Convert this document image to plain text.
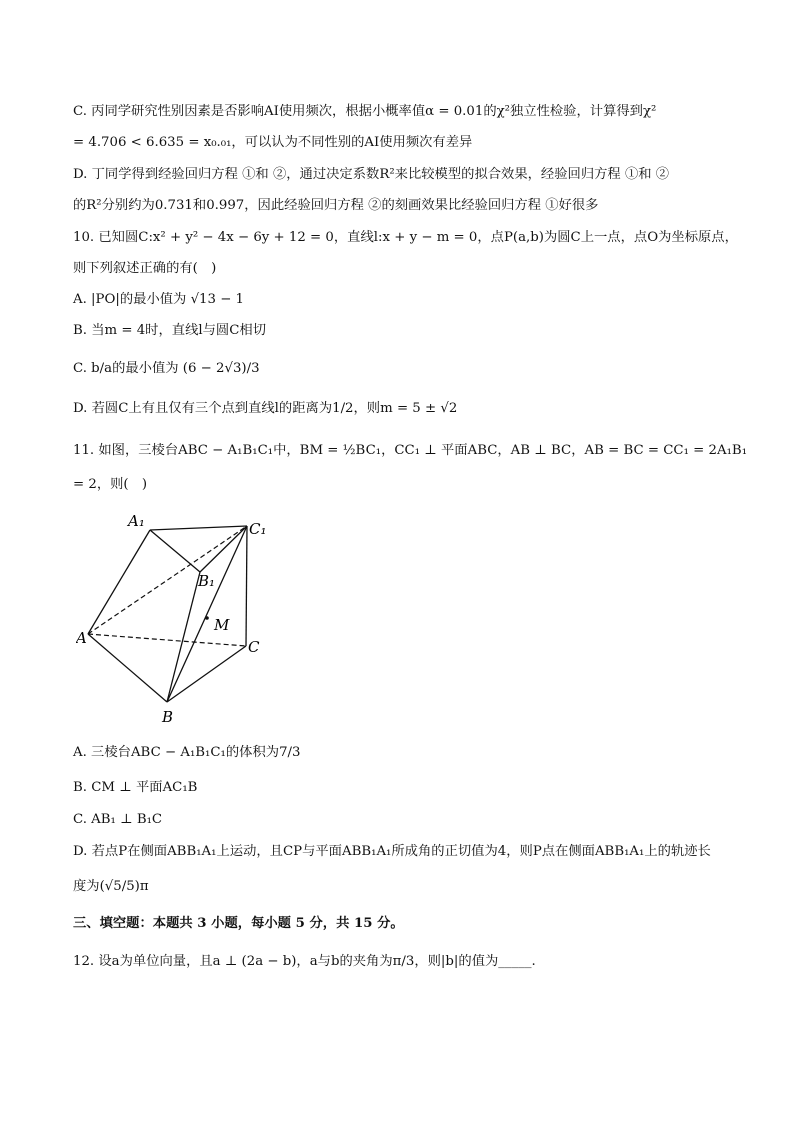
C. 丙同学研究性别因素是否影响AI使用频次，根据小概率值α = 0.01的χ²独立性检验，计算得到χ²
= 4.706 < 6.635 = x₀.₀₁，可以认为不同性别的AI使用频次有差异
D. 丁同学得到经验回归方程 ①和 ②，通过决定系数R²来比较模型的拟合效果，经验回归方程 ①和 ②
的R²分别约为0.731和0.997，因此经验回归方程 ②的刻画效果比经验回归方程 ①好很多
10. 已知圆C:x² + y² − 4x − 6y + 12 = 0，直线l:x + y − m = 0，点P(a,b)为圆C上一点，点O为坐标原点，
则下列叙述正确的有(　)
A. |PO|的最小值为 √13 − 1
B. 当m = 4时，直线l与圆C相切
C. b/a的最小值为 (6 − 2√3)/3
D. 若圆C上有且仅有三个点到直线l的距离为1/2，则m = 5 ± √2
11. 如图，三棱台ABC − A₁B₁C₁中，BM = ½BC₁，CC₁ ⊥ 平面ABC，AB ⊥ BC，AB = BC = CC₁ = 2A₁B₁
= 2，则(　)
A₁	C₁
B₁
M
A	C
B
A. 三棱台ABC − A₁B₁C₁的体积为7/3
B. CM ⊥ 平面AC₁B
C. AB₁ ⊥ B₁C
D. 若点P在侧面ABB₁A₁上运动，且CP与平面ABB₁A₁所成角的正切值为4，则P点在侧面ABB₁A₁上的轨迹长
度为(√5/5)π
三、填空题：本题共 3 小题，每小题 5 分，共 15 分。
12. 设a为单位向量，且a ⊥ (2a − b)，a与b的夹角为π/3，则|b|的值为_____.
